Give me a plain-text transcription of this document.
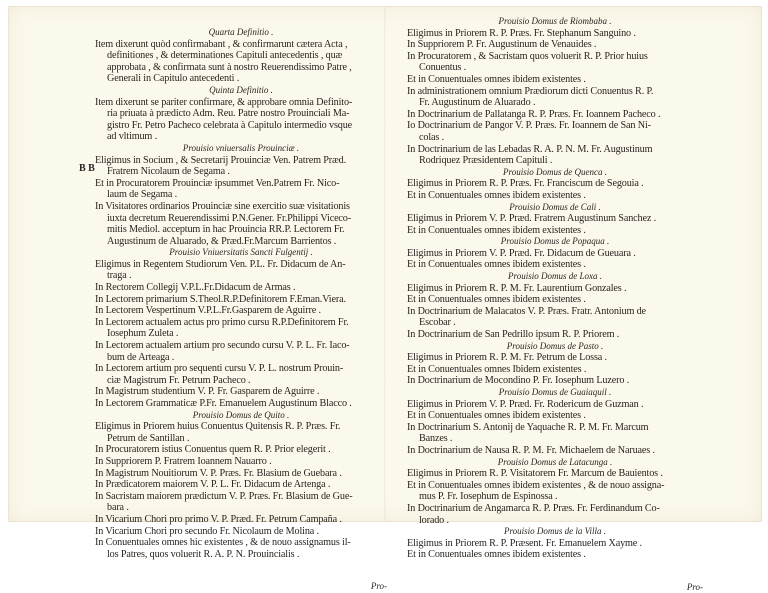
B B
Quarta Definitio .
Item dixerunt quòd confirmabant , & confirmarunt cætera Acta ,
definitiones , & determinationes Capituli antecedentis , quæ
approbata , & confirmata sunt à nostro Reuerendissimo Patre ,
Generali in Capitulo antecedenti .
Quinta Definitio .
Item dixerunt se pariter confirmare, & approbare omnia Definito-
ria priuata à prædicto Adm. Reu. Patre nostro Prouinciali Ma-
gistro Fr. Petro Pacheco celebrata à Capitulo intermedio vsque
ad vltimum .
Prouisio vniuersalis Prouinciæ .
Eligimus in Socium , & Secretarij Prouinciæ Ven. Patrem Præd.
Fratrem Nicolaum de Segama .
Et in Procuratorem Prouinciæ ipsummet Ven.Patrem Fr. Nico-
laum de Segama .
In Visitatores ordinarios Prouinciæ sine exercitio suæ visitationis
iuxta decretum Reuerendissimi P.N.Gener. Fr.Philippi Viceco-
mitis Mediol. acceptum in hac Prouincia RR.P. Lectorem Fr.
Augustinum de Aluarado, & Præd.Fr.Marcum Barrientos .
Prouisio Vniuersitatis Sancti Fulgentij .
Eligimus in Regentem Studiorum Ven. P.L. Fr. Didacum de An-
traga .
In Rectorem Collegij V.P.L.Fr.Didacum de Armas .
In Lectorem primarium S.Theol.R.P.Definitorem F.Eman.Viera.
In Lectorem Vespertinum V.P.L.Fr.Gasparem de Aguirre .
In Lectorem actualem actus pro primo cursu R.P.Definitorem Fr.
Iosephum Zuleta .
In Lectorem actualem artium pro secundo cursu V. P. L. Fr. Iaco-
bum de Arteaga .
In Lectorem artium pro sequenti cursu V. P. L. nostrum Prouin-
ciæ Magistrum Fr. Petrum Pacheco .
In Magistrum studentium V. P. Fr. Gasparem de Aguirre .
In Lectorem Grammaticæ P.Fr. Emanuelem Augustinum Blacco .
Prouisio Domus de Quito .
Eligimus in Priorem huius Conuentus Quitensis R. P. Præs. Fr.
Petrum de Santillan .
In Procuratorem istius Conuentus quem R. P. Prior elegerit .
In Suppriorem P. Fratrem Ioannem Nauarro .
In Magistrum Nouitiorum V. P. Præs. Fr. Blasium de Guebara .
In Prædicatorem maiorem V. P. L. Fr. Didacum de Artenga .
In Sacristam maiorem prædictum V. P. Præs. Fr. Blasium de Gue-
bara .
In Vicarium Chori pro primo V. P. Præd. Fr. Petrum Campaña .
In Vicarium Chori pro secundo Fr. Nicolaum de Molina .
In Conuentuales omnes hic existentes , & de nouo assignamus il-
los Patres, quos voluerit R. A. P. N. Prouincialis .
Pro-
Prouisio Domus de Riombaba .
Eligimus in Priorem R. P. Præs. Fr. Stephanum Sanguino .
In Suppriorem P. Fr. Augustinum de Venauides .
In Procuratorem , & Sacristam quos voluerit R. P. Prior huius
Conuentus .
Et in Conuentuales omnes ibidem existentes .
In administrationem omnium Prædiorum dicti Conuentus R. P.
Fr. Augustinum de Aluarado .
In Doctrinarium de Pallatanga R. P. Præs. Fr. Ioannem Pacheco .
Io Doctrinarium de Pangor V. P. Præs. Fr. Ioannem de San Ni-
colas .
In Doctrinarium de las Lebadas R. A. P. N. M. Fr. Augustinum
Rodriquez Præsidentem Capituli .
Prouisio Domus de Quenca .
Eligimus in Priorem R. P. Præs. Fr. Franciscum de Segouia .
Et in Conuentuales omnes ibidem existentes .
Prouisio Domus de Cali .
Eligimus in Priorem V. P. Præd. Fratrem Augustinum Sanchez .
Et in Conuentuales omnes ibidem existentes .
Prouisio Domus de Popaqua .
Eligimus in Priorem V. P. Præd. Fr. Didacum de Gueuara .
Et in Conuentuales omnes ibidem existentes .
Prouisio Domus de Loxa .
Eligimus in Priorem R. P. M. Fr. Laurentium Gonzales .
Et in Conuentuales omnes ibidem existentes .
In Doctrinarium de Malacatos V. P. Præs. Fratr. Antonium de
Escobar .
In Doctrinarium de San Pedrillo ipsum R. P. Priorem .
Prouisio Domus de Pasto .
Eligimus in Priorem R. P. M. Fr. Petrum de Lossa .
Et in Conuentuales omnes Ibidem existentes .
In Doctrinarium de Mocondino P. Fr. Iosephum Luzero .
Prouisio Domus de Guaiaquil .
Eligimus in Priorem V. P. Præd. Fr. Rodericum de Guzman .
Et in Conuentuales omnes ibidem existentes .
In Doctrinarium S. Antonij de Yaquache R. P. M. Fr. Marcum
Banzes .
In Doctrinarium de Nausa R. P. M. Fr. Michaelem de Naruaes .
Prouisio Domus de Latacunga .
Eligimus in Priorem R. P. Visitatorem Fr. Marcum de Bauientos .
Et in Conuentuales omnes ibidem existentes , & de nouo assigna-
mus P. Fr. Iosephum de Espinossa .
In Doctrinarium de Angamarca R. P. Præs. Fr. Ferdinandum Co-
lorado .
Prouisio Domus de la Villa .
Eligimus in Priorem R. P. Præsent. Fr. Emanuelem Xayme .
Et in Conuentuales omnes ibidem existentes .
Pro-
